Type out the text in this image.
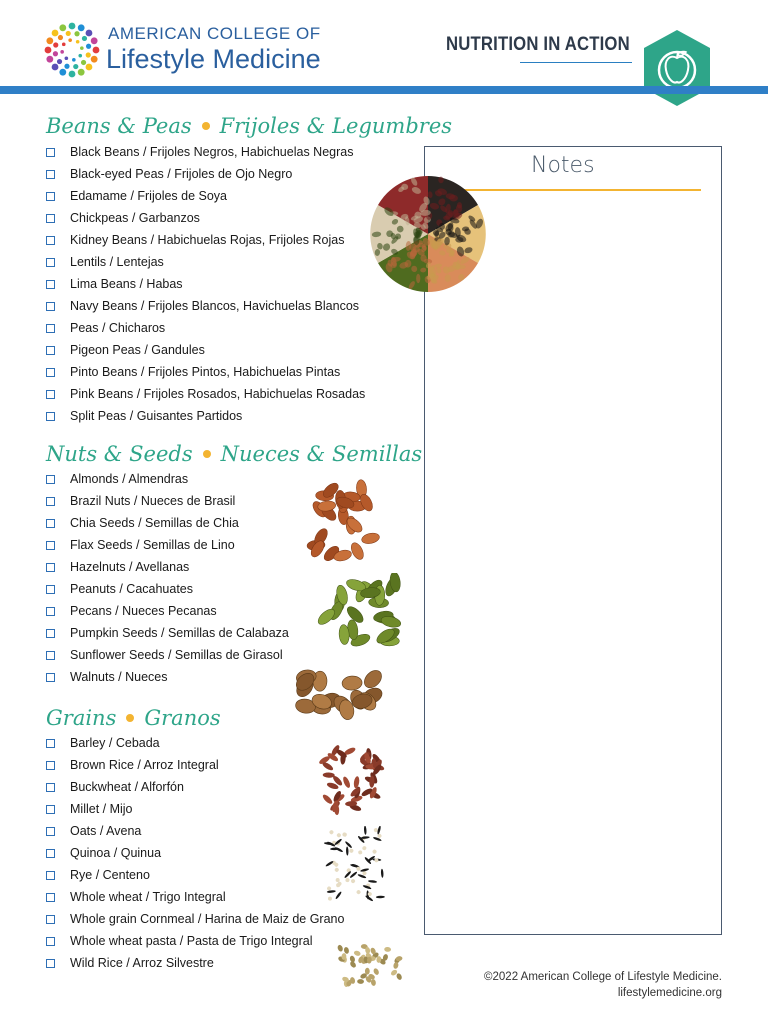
AMERICAN COLLEGE OF
Lifestyle Medicine	NUTRITION IN ACTION
Beans & Peas Frijoles & Legumbres
Black Beans / Frijoles Negros, Habichuelas Negras
Black-eyed Peas / Frijoles de Ojo Negro
Edamame / Frijoles de Soya
Chickpeas / Garbanzos
Kidney Beans / Habichuelas Rojas, Frijoles Rojas
Lentils / Lentejas
Lima Beans / Habas
Navy Beans / Frijoles Blancos, Havichuelas Blancos
Peas / Chicharos
Pigeon Peas / Gandules
Pinto Beans / Frijoles Pintos, Habichuelas Pintas
Pink Beans / Frijoles Rosados, Habichuelas Rosadas
Split Peas / Guisantes Partidos
Nuts & Seeds Nueces & Semillas
Almonds / Almendras
Brazil Nuts / Nueces de Brasil
Chia Seeds / Semillas de Chia
Flax Seeds / Semillas de Lino
Hazelnuts / Avellanas
Peanuts / Cacahuates
Pecans / Nueces Pecanas
Pumpkin Seeds / Semillas de Calabaza
Sunflower Seeds / Semillas de Girasol
Walnuts / Nueces
Grains Granos
Barley / Cebada
Brown Rice / Arroz Integral
Buckwheat / Alforfón
Millet / Mijo
Oats / Avena
Quinoa / Quinua
Rye / Centeno
Whole wheat / Trigo Integral
Whole grain Cornmeal / Harina de Maiz de Grano
Whole wheat pasta / Pasta de Trigo Integral
Wild Rice / Arroz Silvestre
Notes
©2022 American College of Lifestyle Medicine.
lifestylemedicine.org
